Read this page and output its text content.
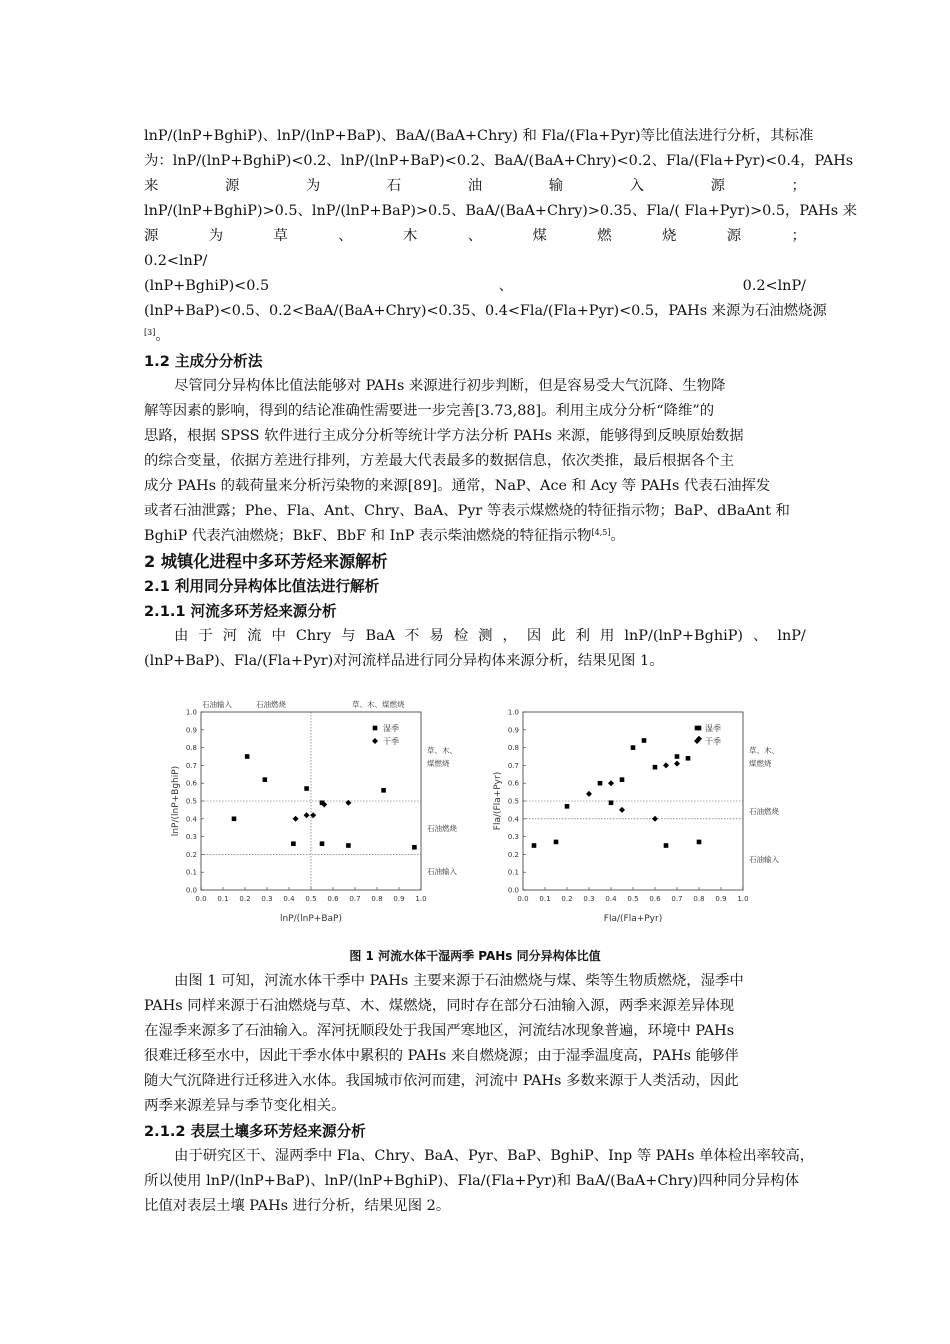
lnP/(lnP+BghiP)、lnP/(lnP+BaP)、BaA/(BaA+Chry) 和 Fla/(Fla+Pyr)等比值法进行分析，其标准
为：lnP/(lnP+BghiP)<0.2、lnP/(lnP+BaP)<0.2、BaA/(BaA+Chry)<0.2、Fla/(Fla+Pyr)<0.4，PAHs
来	源	为	石	油	输	入	源	；
lnP/(lnP+BghiP)>0.5、lnP/(lnP+BaP)>0.5、BaA/(BaA+Chry)>0.35、Fla/( Fla+Pyr)>0.5，PAHs 来
源	为	草	、	木	、	煤	燃	烧	源	；
0.2<lnP/
(lnP+BghiP)<0.5	、	0.2<lnP/
(lnP+BaP)<0.5、0.2<BaA/(BaA+Chry)<0.35、0.4<Fla/(Fla+Pyr)<0.5，PAHs 来源为石油燃烧源
[3]。
1.2 主成分分析法
尽管同分异构体比值法能够对 PAHs 来源进行初步判断，但是容易受大气沉降、生物降
解等因素的影响，得到的结论准确性需要进一步完善[3.73,88]。利用主成分分析“降维”的
思路，根据 SPSS 软件进行主成分分析等统计学方法分析 PAHs 来源，能够得到反映原始数据
的综合变量，依据方差进行排列，方差最大代表最多的数据信息，依次类推，最后根据各个主
成分 PAHs 的载荷量来分析污染物的来源[89]。通常，NaP、Ace 和 Acy 等 PAHs 代表石油挥发
或者石油泄露；Phe、Fla、Ant、Chry、BaA、Pyr 等表示煤燃烧的特征指示物；BaP、dBaAnt 和
BghiP 代表汽油燃烧；BkF、BbF 和 InP 表示柴油燃烧的特征指示物[4,5]。
2 城镇化进程中多环芳烃来源解析
2.1 利用同分异构体比值法进行解析
2.1.1 河流多环芳烃来源分析
由 于 河 流 中 Chry 与 BaA 不 易 检 测 ， 因 此 利 用 lnP/(lnP+BghiP) 、 lnP/
(lnP+BaP)、Fla/(Fla+Pyr)对河流样品进行同分异构体来源分析，结果见图 1。
0.0 0.1 0.2 0.3 0.4 0.5 0.6 0.7 0.8 0.9 1.0
0.0
0.1
0.2
0.3
0.4
0.5
0.6
0.7
0.8
0.9
1.0
湿季
干季
草、木、
煤燃烧
石油燃烧
石油输入
石油输入	石油燃烧	草、木、煤燃烧
lnP/(lnP+BaP)
lnP/(lnP+BghiP)
0.0 0.1 0.2 0.3 0.4 0.5 0.6 0.7 0.8 0.9 1.0
0.0
0.1
0.2
0.3
0.4
0.5
0.6
0.7
0.8
0.9
1.0
湿季
干季
草、木、
煤燃烧
石油燃烧
石油输入
Fla/(Fla+Pyr)
Fla/(Fla+Pyr)
图 1 河流水体干湿两季 PAHs 同分异构体比值
由图 1 可知，河流水体干季中 PAHs 主要来源于石油燃烧与煤、柴等生物质燃烧，湿季中
PAHs 同样来源于石油燃烧与草、木、煤燃烧，同时存在部分石油输入源，两季来源差异体现
在湿季来源多了石油输入。浑河抚顺段处于我国严寒地区，河流结冰现象普遍，环境中 PAHs
很难迁移至水中，因此干季水体中累积的 PAHs 来自燃烧源；由于湿季温度高，PAHs 能够伴
随大气沉降进行迁移进入水体。我国城市依河而建，河流中 PAHs 多数来源于人类活动，因此
两季来源差异与季节变化相关。
2.1.2 表层土壤多环芳烃来源分析
由于研究区干、湿两季中 Fla、Chry、BaA、Pyr、BaP、BghiP、Inp 等 PAHs 单体检出率较高，
所以使用 lnP/(lnP+BaP)、lnP/(lnP+BghiP)、Fla/(Fla+Pyr)和 BaA/(BaA+Chry)四种同分异构体
比值对表层土壤 PAHs 进行分析，结果见图 2。
